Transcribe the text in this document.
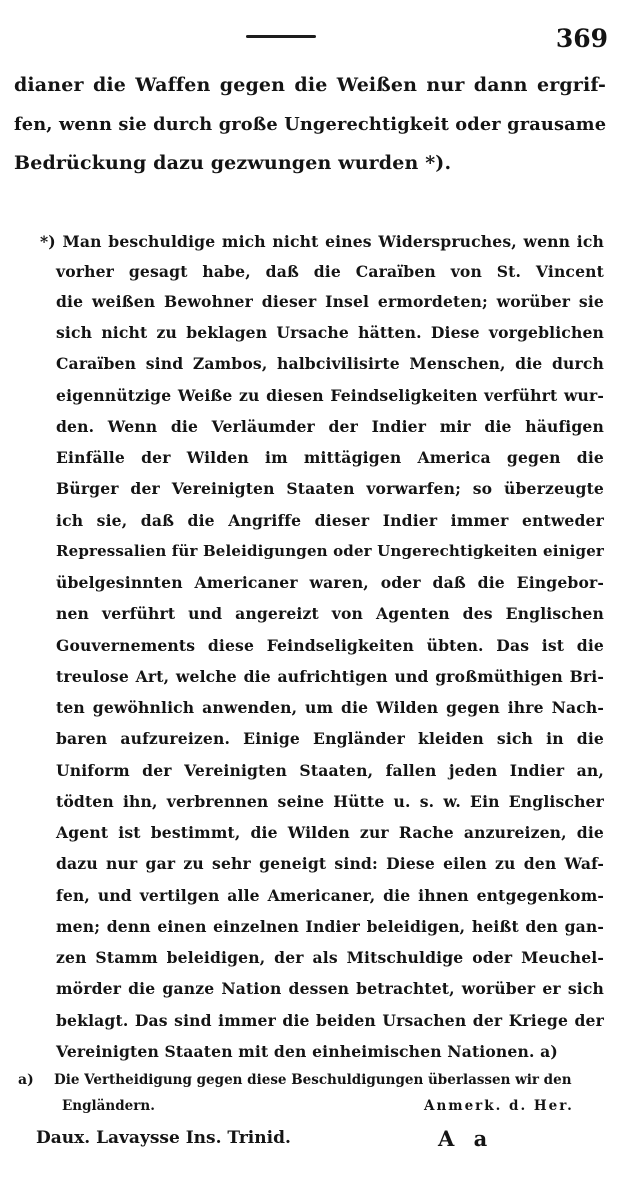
369
dianer die Waffen gegen die Weißen nur dann ergrif-
fen, wenn sie durch große Ungerechtigkeit oder grausame
Bedrückung dazu gezwungen wurden *).
*) Man beschuldige mich nicht eines Widerspruches, wenn ich
vorher gesagt habe, daß die Caraïben von St. Vincent
die weißen Bewohner dieser Insel ermordeten; worüber sie
sich nicht zu beklagen Ursache hätten. Diese vorgeblichen
Caraïben sind Zambos, halbcivilisirte Menschen, die durch
eigennützige Weiße zu diesen Feindseligkeiten verführt wur-
den. Wenn die Verläumder der Indier mir die häufigen
Einfälle der Wilden im mittägigen America gegen die
Bürger der Vereinigten Staaten vorwarfen; so überzeugte
ich sie, daß die Angriffe dieser Indier immer entweder
Repressalien für Beleidigungen oder Ungerechtigkeiten einiger
übelgesinnten Americaner waren, oder daß die Eingebor-
nen verführt und angereizt von Agenten des Englischen
Gouvernements diese Feindseligkeiten übten. Das ist die
treulose Art, welche die aufrichtigen und großmüthigen Bri-
ten gewöhnlich anwenden, um die Wilden gegen ihre Nach-
baren aufzureizen. Einige Engländer kleiden sich in die
Uniform der Vereinigten Staaten, fallen jeden Indier an,
tödten ihn, verbrennen seine Hütte u. s. w. Ein Englischer
Agent ist bestimmt, die Wilden zur Rache anzureizen, die
dazu nur gar zu sehr geneigt sind: Diese eilen zu den Waf-
fen, und vertilgen alle Americaner, die ihnen entgegenkom-
men; denn einen einzelnen Indier beleidigen, heißt den gan-
zen Stamm beleidigen, der als Mitschuldige oder Meuchel-
mörder die ganze Nation dessen betrachtet, worüber er sich
beklagt. Das sind immer die beiden Ursachen der Kriege der
Vereinigten Staaten mit den einheimischen Nationen. a)
a) Die Vertheidigung gegen diese Beschuldigungen überlassen wir den
Engländern.	Anmerk. d. Her.
Daux. Lavaysse Ins. Trinid.	A a
